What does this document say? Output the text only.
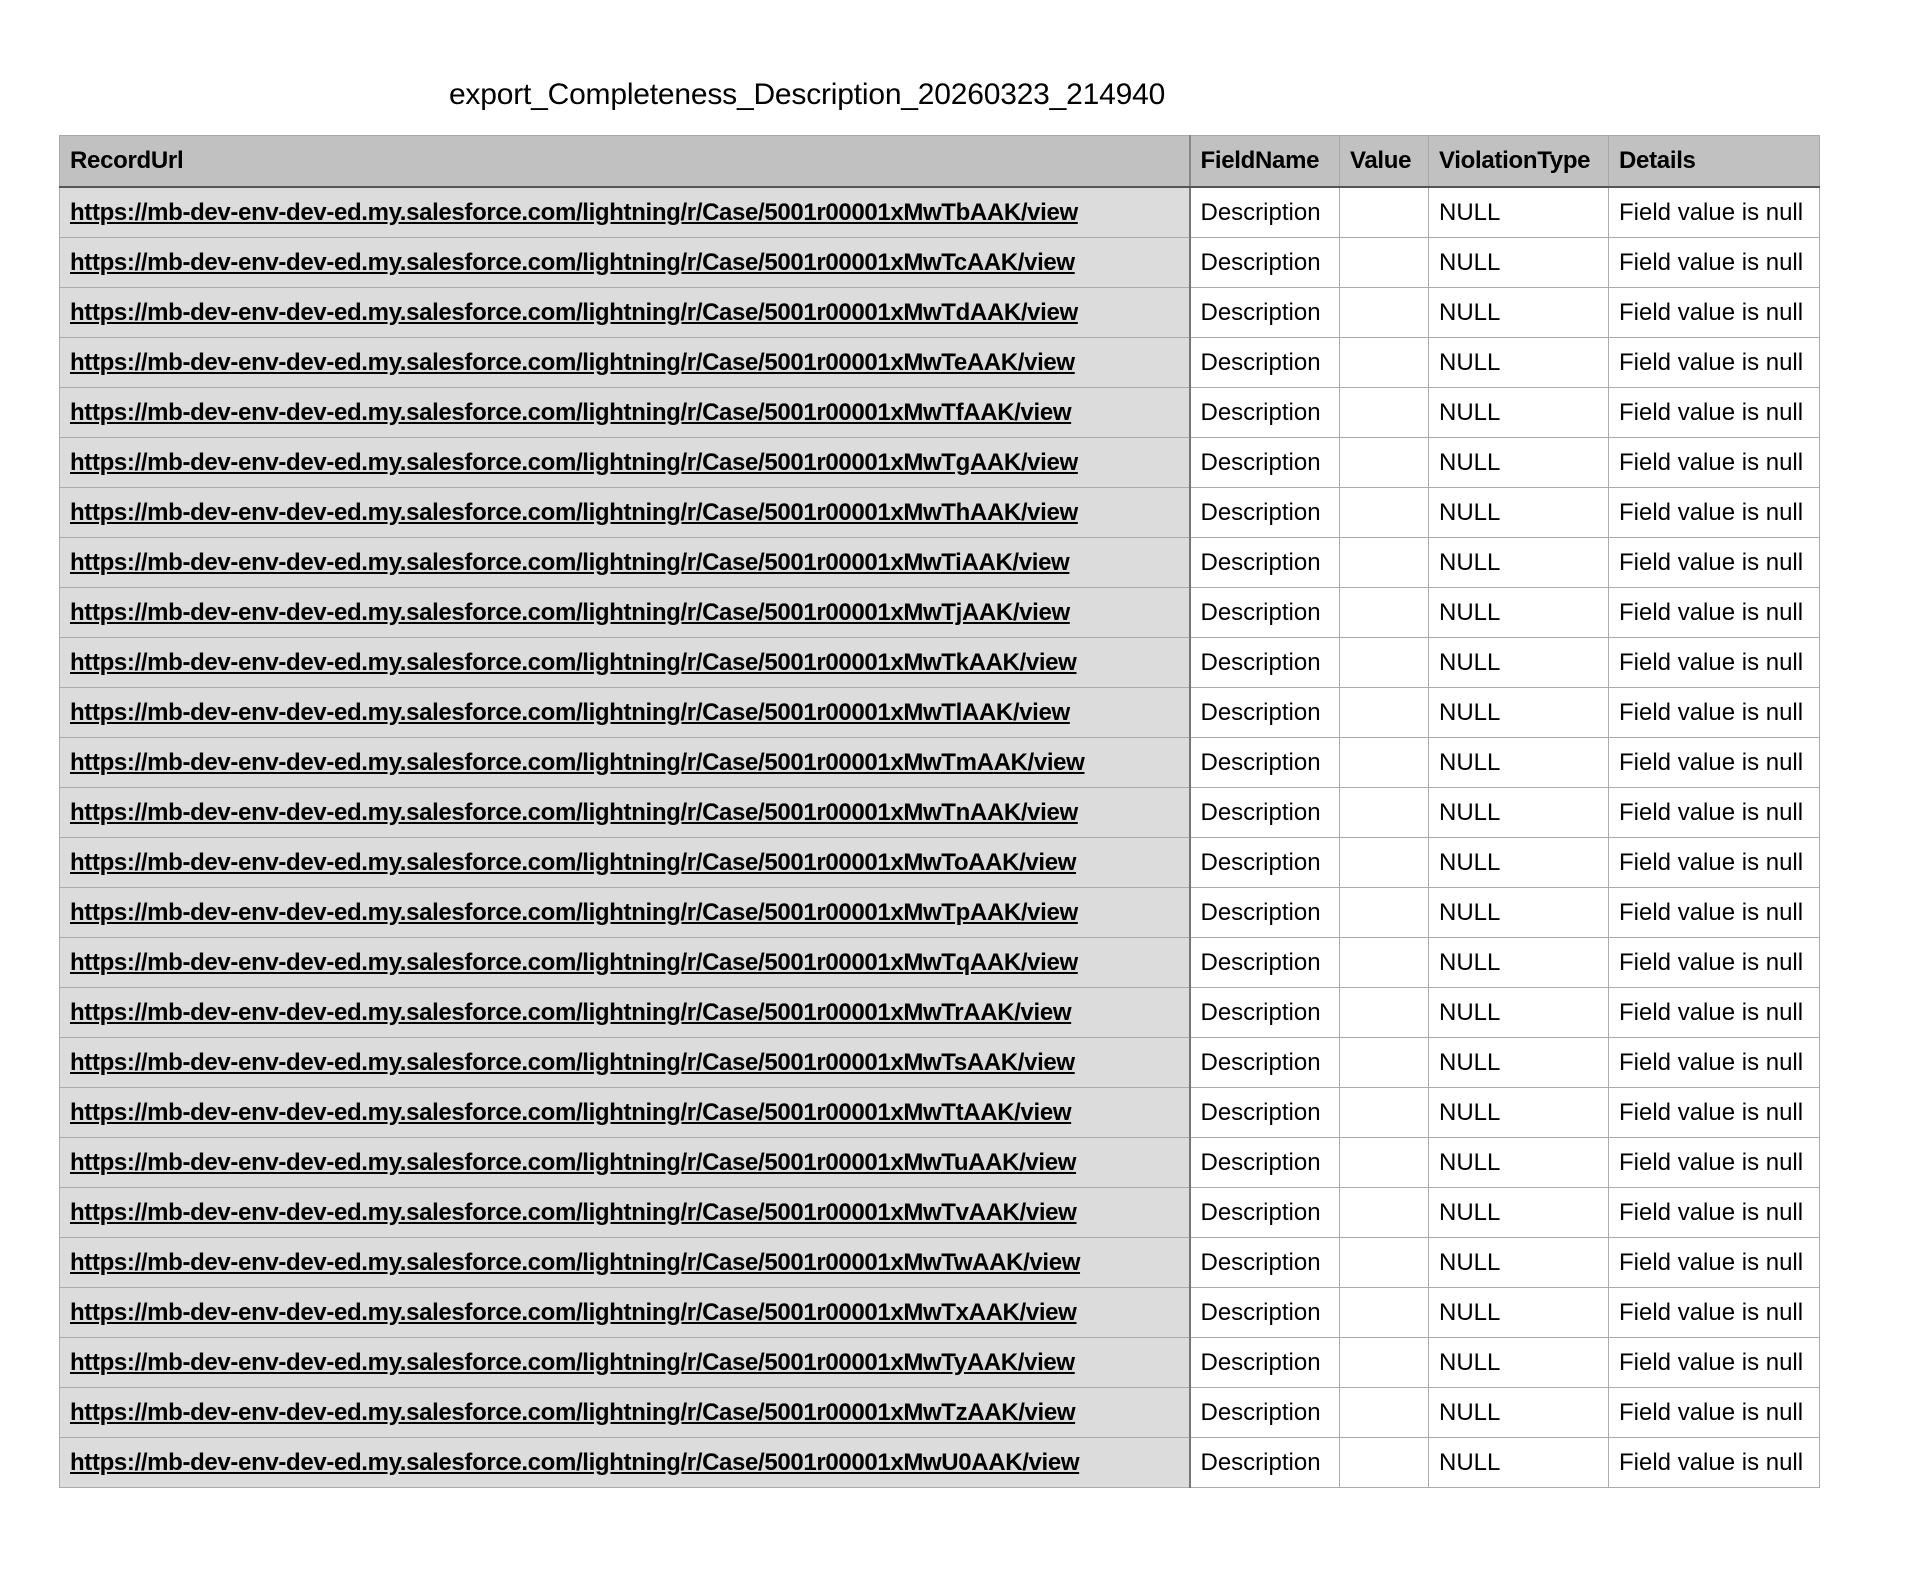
export_Completeness_Description_20260323_214940
RecordUrl	FieldName	Value	ViolationType	Details
https://mb-dev-env-dev-ed.my.salesforce.com/lightning/r/Case/5001r00001xMwTbAAK/view	Description		NULL	Field value is null
https://mb-dev-env-dev-ed.my.salesforce.com/lightning/r/Case/5001r00001xMwTcAAK/view	Description		NULL	Field value is null
https://mb-dev-env-dev-ed.my.salesforce.com/lightning/r/Case/5001r00001xMwTdAAK/view	Description		NULL	Field value is null
https://mb-dev-env-dev-ed.my.salesforce.com/lightning/r/Case/5001r00001xMwTeAAK/view	Description		NULL	Field value is null
https://mb-dev-env-dev-ed.my.salesforce.com/lightning/r/Case/5001r00001xMwTfAAK/view	Description		NULL	Field value is null
https://mb-dev-env-dev-ed.my.salesforce.com/lightning/r/Case/5001r00001xMwTgAAK/view	Description		NULL	Field value is null
https://mb-dev-env-dev-ed.my.salesforce.com/lightning/r/Case/5001r00001xMwThAAK/view	Description		NULL	Field value is null
https://mb-dev-env-dev-ed.my.salesforce.com/lightning/r/Case/5001r00001xMwTiAAK/view	Description		NULL	Field value is null
https://mb-dev-env-dev-ed.my.salesforce.com/lightning/r/Case/5001r00001xMwTjAAK/view	Description		NULL	Field value is null
https://mb-dev-env-dev-ed.my.salesforce.com/lightning/r/Case/5001r00001xMwTkAAK/view	Description		NULL	Field value is null
https://mb-dev-env-dev-ed.my.salesforce.com/lightning/r/Case/5001r00001xMwTlAAK/view	Description		NULL	Field value is null
https://mb-dev-env-dev-ed.my.salesforce.com/lightning/r/Case/5001r00001xMwTmAAK/view	Description		NULL	Field value is null
https://mb-dev-env-dev-ed.my.salesforce.com/lightning/r/Case/5001r00001xMwTnAAK/view	Description		NULL	Field value is null
https://mb-dev-env-dev-ed.my.salesforce.com/lightning/r/Case/5001r00001xMwToAAK/view	Description		NULL	Field value is null
https://mb-dev-env-dev-ed.my.salesforce.com/lightning/r/Case/5001r00001xMwTpAAK/view	Description		NULL	Field value is null
https://mb-dev-env-dev-ed.my.salesforce.com/lightning/r/Case/5001r00001xMwTqAAK/view	Description		NULL	Field value is null
https://mb-dev-env-dev-ed.my.salesforce.com/lightning/r/Case/5001r00001xMwTrAAK/view	Description		NULL	Field value is null
https://mb-dev-env-dev-ed.my.salesforce.com/lightning/r/Case/5001r00001xMwTsAAK/view	Description		NULL	Field value is null
https://mb-dev-env-dev-ed.my.salesforce.com/lightning/r/Case/5001r00001xMwTtAAK/view	Description		NULL	Field value is null
https://mb-dev-env-dev-ed.my.salesforce.com/lightning/r/Case/5001r00001xMwTuAAK/view	Description		NULL	Field value is null
https://mb-dev-env-dev-ed.my.salesforce.com/lightning/r/Case/5001r00001xMwTvAAK/view	Description		NULL	Field value is null
https://mb-dev-env-dev-ed.my.salesforce.com/lightning/r/Case/5001r00001xMwTwAAK/view	Description		NULL	Field value is null
https://mb-dev-env-dev-ed.my.salesforce.com/lightning/r/Case/5001r00001xMwTxAAK/view	Description		NULL	Field value is null
https://mb-dev-env-dev-ed.my.salesforce.com/lightning/r/Case/5001r00001xMwTyAAK/view	Description		NULL	Field value is null
https://mb-dev-env-dev-ed.my.salesforce.com/lightning/r/Case/5001r00001xMwTzAAK/view	Description		NULL	Field value is null
https://mb-dev-env-dev-ed.my.salesforce.com/lightning/r/Case/5001r00001xMwU0AAK/view	Description		NULL	Field value is null
